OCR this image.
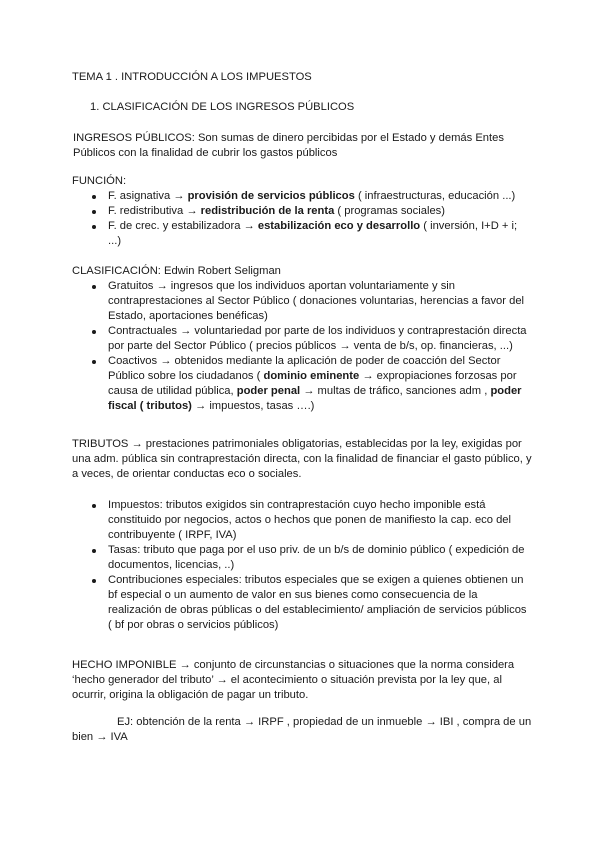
TEMA 1 . INTRODUCCIÓN A LOS IMPUESTOS

1. CLASIFICACIÓN DE LOS INGRESOS PÚBLICOS

INGRESOS PÚBLICOS: Son sumas de dinero percibidas por el Estado y demás Entes Públicos con la finalidad de cubrir los gastos públicos

FUNCIÓN:

F. asignativa → provisión de servicios públicos ( infraestructuras, educación ...)
F. redistributiva → redistribución de la renta ( programas sociales)
F. de crec. y estabilizadora → estabilización eco y desarrollo ( inversión, I+D + i; ...)

CLASIFICACIÓN: Edwin Robert Seligman

Gratuitos → ingresos que los individuos aportan voluntariamente y sin contraprestaciones al Sector Público ( donaciones voluntarias, herencias a favor del Estado, aportaciones benéficas)
Contractuales → voluntariedad por parte de los individuos y contraprestación directa por parte del Sector Público ( precios públicos → venta de b/s, op. financieras, ...)
Coactivos → obtenidos mediante la aplicación de poder de coacción del Sector Público sobre los ciudadanos ( dominio eminente → expropiaciones forzosas por causa de utilidad pública, poder penal → multas de tráfico, sanciones adm , poder fiscal ( tributos) → impuestos, tasas ….)

TRIBUTOS → prestaciones patrimoniales obligatorias, establecidas por la ley, exigidas por una adm. pública sin contraprestación directa, con la finalidad de financiar el gasto público, y a veces, de orientar conductas eco o sociales.

Impuestos: tributos exigidos sin contraprestación cuyo hecho imponible está constituido por negocios, actos o hechos que ponen de manifiesto la cap. eco del contribuyente ( IRPF, IVA)
Tasas: tributo que paga por el uso priv. de un b/s de dominio público ( expedición de documentos, licencias, ..)
Contribuciones especiales: tributos especiales que se exigen a quienes obtienen un bf especial o un aumento de valor en sus bienes como consecuencia de la realización de obras públicas o del establecimiento/ ampliación de servicios públicos ( bf por obras o servicios públicos)

HECHO IMPONIBLE → conjunto de circunstancias o situaciones que la norma considera ‘hecho generador del tributo’ → el acontecimiento o situación prevista por la ley que, al ocurrir, origina la obligación de pagar un tributo.

EJ: obtención de la renta → IRPF , propiedad de un inmueble → IBI , compra de un bien → IVA
